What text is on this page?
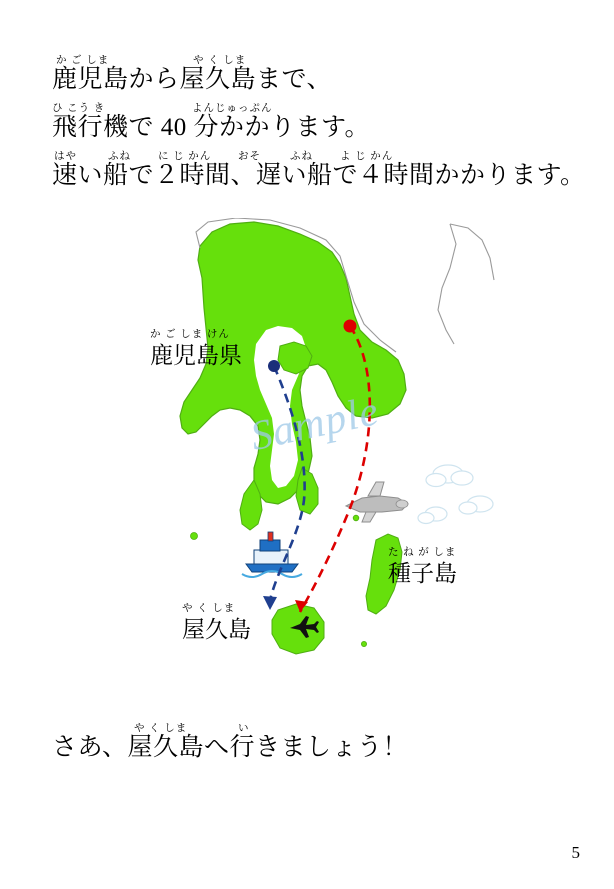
か ご しま	や く しま
鹿児島から屋久島まで、
ひ こう き	よんじゅっぷん
飛行機で 40 分かかります。
はや	ふね	に じ かん	おそ	ふね	よ じ かん
速い船で２時間、遅い船で４時間かかります。
Sample
か ご しま けん
鹿児島県
や く しま
屋久島
た ね が しま
種子島
や く しま	い
さあ、屋久島へ行きましょう！
5
